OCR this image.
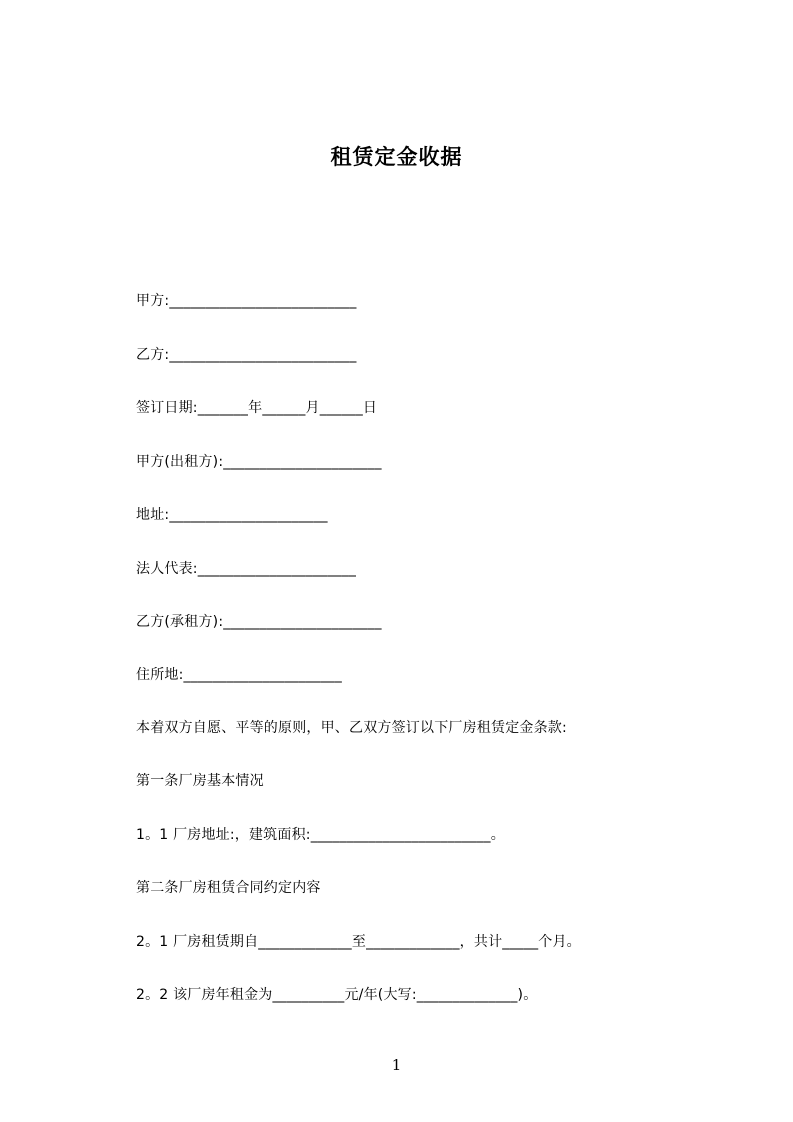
租赁定金收据
甲方:__________________________
乙方:__________________________
签订日期:_______年______月______日
甲方(出租方):______________________
地址:______________________
法人代表:______________________
乙方(承租方):______________________
住所地:______________________
本着双方自愿、平等的原则，甲、乙双方签订以下厂房租赁定金条款:
第一条厂房基本情况
1。1 厂房地址:，建筑面积:_________________________。
第二条厂房租赁合同约定内容
2。1 厂房租赁期自_____________至_____________，共计_____个月。
2。2 该厂房年租金为__________元/年(大写:______________)。
1
